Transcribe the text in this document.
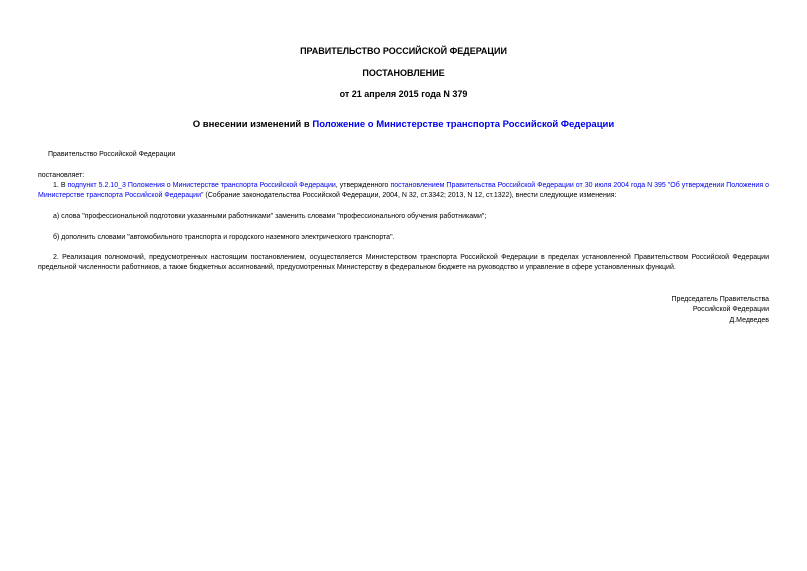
ПРАВИТЕЛЬСТВО РОССИЙСКОЙ ФЕДЕРАЦИИ
ПОСТАНОВЛЕНИЕ
от 21 апреля 2015 года N 379
О внесении изменений в Положение о Министерстве транспорта Российской Федерации
Правительство Российской Федерации
постановляет:
1. В подпункт 5.2.10_3 Положения о Министерстве транспорта Российской Федерации, утвержденного постановлением Правительства Российской Федерации от 30 июля 2004 года N 395 "Об утверждении Положения о Министерстве транспорта Российской Федерации" (Собрание законодательства Российской Федерации, 2004, N 32, ст.3342; 2013, N 12, ст.1322), внести следующие изменения:
а) слова "профессиональной подготовки указанными работниками" заменить словами "профессионального обучения работниками";
б) дополнить словами "автомобильного транспорта и городского наземного электрического транспорта".
2. Реализация полномочий, предусмотренных настоящим постановлением, осуществляется Министерством транспорта Российской Федерации в пределах установленной Правительством Российской Федерации предельной численности работников, а также бюджетных ассигнований, предусмотренных Министерству в федеральном бюджете на руководство и управление в сфере установленных функций.
Председатель Правительства
Российской Федерации
Д.Медведев
